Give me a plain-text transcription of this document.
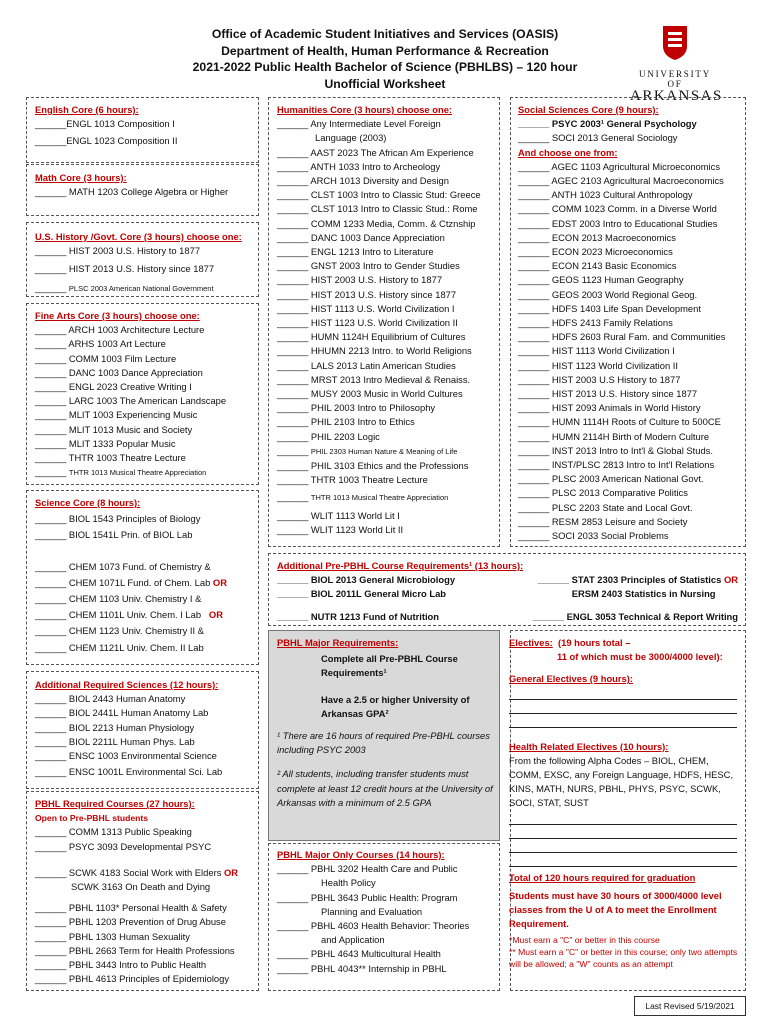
Office of Academic Student Initiatives and Services (OASIS)
Department of Health, Human Performance & Recreation
2021-2022 Public Health Bachelor of Science (PBHLBS) – 120 hour
Unofficial Worksheet
UNIVERSITY OF
ARKANSAS
English Core (6 hours):
______ENGL 1013 Composition I
______ENGL 1023 Composition II
Math Core (3 hours):
______ MATH 1203 College Algebra or Higher
U.S. History /Govt. Core (3 hours) choose one:
______ HIST 2003 U.S. History to 1877
______ HIST 2013 U.S. History since 1877
______ PLSC 2003 American National Government
Fine Arts Core (3 hours) choose one:
______ ARCH 1003 Architecture Lecture
______ ARHS 1003 Art Lecture
______ COMM 1003 Film Lecture
______ DANC 1003 Dance Appreciation
______ ENGL 2023 Creative Writing I
______ LARC 1003 The American Landscape
______ MLIT 1003 Experiencing Music
______ MLIT 1013 Music and Society
______ MLIT 1333 Popular Music
______ THTR 1003 Theatre Lecture
______ THTR 1013 Musical Theatre Appreciation
Science Core (8 hours):
______ BIOL 1543 Principles of Biology
______ BIOL 1541L Prin. of BIOL Lab
______ CHEM 1073 Fund. of Chemistry &
______ CHEM 1071L Fund. of Chem. Lab OR
______ CHEM 1103 Univ. Chemistry I &
______ CHEM 1101L Univ. Chem. I Lab OR
______ CHEM 1123 Univ. Chemistry II &
______ CHEM 1121L Univ. Chem. II Lab
Additional Required Sciences (12 hours):
______ BIOL 2443 Human Anatomy
______ BIOL 2441L Human Anatomy Lab
______ BIOL 2213 Human Physiology
______ BIOL 2211L Human Phys. Lab
______ ENSC 1003 Environmental Science
______ ENSC 1001L Environmental Sci. Lab
PBHL Required Courses (27 hours):
Open to Pre-PBHL students
______ COMM 1313 Public Speaking
______ PSYC 3093 Developmental PSYC
______ SCWK 4183 Social Work with Elders OR
SCWK 3163 On Death and Dying
______ PBHL 1103* Personal Health & Safety
______ PBHL 1203 Prevention of Drug Abuse
______ PBHL 1303 Human Sexuality
______ PBHL 2663 Term for Health Professions
______ PBHL 3443 Intro to Public Health
______ PBHL 4613 Principles of Epidemiology
Humanities Core (3 hours) choose one:
______ Any Intermediate Level Foreign
Language (2003)
______ AAST 2023 The African Am Experience
______ ANTH 1033 Intro to Archeology
______ ARCH 1013 Diversity and Design
______ CLST 1003 Intro to Classic Stud: Greece
______ CLST 1013 Intro to Classic Stud.: Rome
______ COMM 1233 Media, Comm. & Ctznship
______ DANC 1003 Dance Appreciation
______ ENGL 1213 Intro to Literature
______ GNST 2003 Intro to Gender Studies
______ HIST 2003 U.S. History to 1877
______ HIST 2013 U.S. History since 1877
______ HIST 1113 U.S. World Civilization I
______ HIST 1123 U.S. World Civilization II
______ HUMN 1124H Equilibrium of Cultures
______ HHUMN 2213 Intro. to World Religions
______ LALS 2013 Latin American Studies
______ MRST 2013 Intro Medieval & Renaiss.
______ MUSY 2003 Music in World Cultures
______ PHIL 2003 Intro to Philosophy
______ PHIL 2103 Intro to Ethics
______ PHIL 2203 Logic
______ PHIL 2303 Human Nature & Meaning of Life
______ PHIL 3103 Ethics and the Professions
______ THTR 1003 Theatre Lecture
______ THTR 1013 Musical Theatre Appreciation
______ WLIT 1113 World Lit I
______ WLIT 1123 World Lit II
Social Sciences Core (9 hours):
______ PSYC 2003¹ General Psychology
______ SOCI 2013 General Sociology
And choose one from:
______ AGEC 1103 Agricultural Microeconomics
______ AGEC 2103 Agricultural Macroeconomics
______ ANTH 1023 Cultural Anthropology
______ COMM 1023 Comm. in a Diverse World
______ EDST 2003 Intro to Educational Studies
______ ECON 2013 Macroeconomics
______ ECON 2023 Microeconomics
______ ECON 2143 Basic Economics
______ GEOS 1123 Human Geography
______ GEOS 2003 World Regional Geog.
______ HDFS 1403 Life Span Development
______ HDFS 2413 Family Relations
______ HDFS 2603 Rural Fam. and Communities
______ HIST 1113 World Civilization I
______ HIST 1123 World Civilization II
______ HIST 2003 U.S History to 1877
______ HIST 2013 U.S. History since 1877
______ HIST 2093 Animals in World History
______ HUMN 1114H Roots of Culture to 500CE
______ HUMN 2114H Birth of Modern Culture
______ INST 2013 Intro to Int'l & Global Studs.
______ INST/PLSC 2813 Intro to Int'l Relations
______ PLSC 2003 American National Govt.
______ PLSC 2013 Comparative Politics
______ PLSC 2203 State and Local Govt.
______ RESM 2853 Leisure and Society
______ SOCI 2033 Social Problems
Additional Pre-PBHL Course Requirements¹ (13 hours):
______ BIOL 2013 General Microbiology
______ BIOL 2011L General Micro Lab
______ STAT 2303 Principles of Statistics OR
ERSM 2403 Statistics in Nursing
______ NUTR 1213 Fund of Nutrition	______ ENGL 3053 Technical & Report Writing
PBHL Major Requirements:
Complete all Pre-PBHL Course Requirements¹
Have a 2.5 or higher University of Arkansas GPA²
¹ There are 16 hours of required Pre-PBHL courses including PSYC 2003
² All students, including transfer students must complete at least 12 credit hours at the University of Arkansas with a minimum of 2.5 GPA
PBHL Major Only Courses (14 hours):
______ PBHL 3202 Health Care and Public
Health Policy
______ PBHL 3643 Public Health: Program
Planning and Evaluation
______ PBHL 4603 Health Behavior: Theories
and Application
______ PBHL 4643 Multicultural Health
______ PBHL 4043** Internship in PBHL
Electives: (19 hours total –
11 of which must be 3000/4000 level):
General Electives (9 hours):
Health Related Electives (10 hours):
From the following Alpha Codes – BIOL, CHEM, COMM, EXSC, any Foreign Language, HDFS, HESC, KINS, MATH, NURS, PBHL, PHYS, PSYC, SCWK, SOCI, STAT, SUST
Total of 120 hours required for graduation
Students must have 30 hours of 3000/4000 level classes from the U of A to meet the Enrollment Requirement.
*Must earn a "C" or better in this course
** Must earn a "C" or better in this course; only two attempts will be allowed; a "W" counts as an attempt
Last Revised 5/19/2021
